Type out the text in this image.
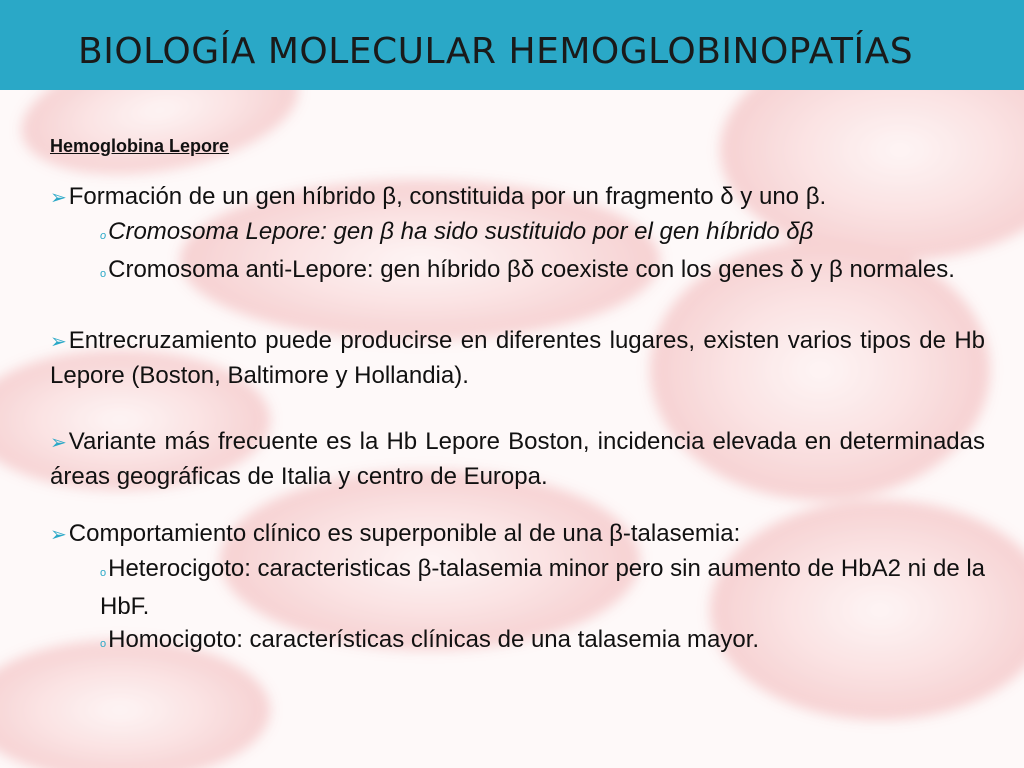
BIOLOGÍA MOLECULAR HEMOGLOBINOPATÍAS
Hemoglobina Lepore
➢Formación de un gen híbrido β, constituida por un fragmento δ y uno β.
oCromosoma Lepore: gen β ha sido sustituido por el gen híbrido δβ
oCromosoma anti-Lepore: gen híbrido βδ coexiste con los genes δ y β normales.
➢Entrecruzamiento puede producirse en diferentes lugares, existen varios tipos de Hb Lepore (Boston, Baltimore y Hollandia).
➢Variante más frecuente es la Hb Lepore Boston, incidencia elevada en determinadas áreas geográficas de Italia y centro de Europa.
➢Comportamiento clínico es superponible al de una β-talasemia:
oHeterocigoto: caracteristicas β-talasemia minor pero sin aumento de HbA2 ni de la HbF.
oHomocigoto: características clínicas de una talasemia mayor.
